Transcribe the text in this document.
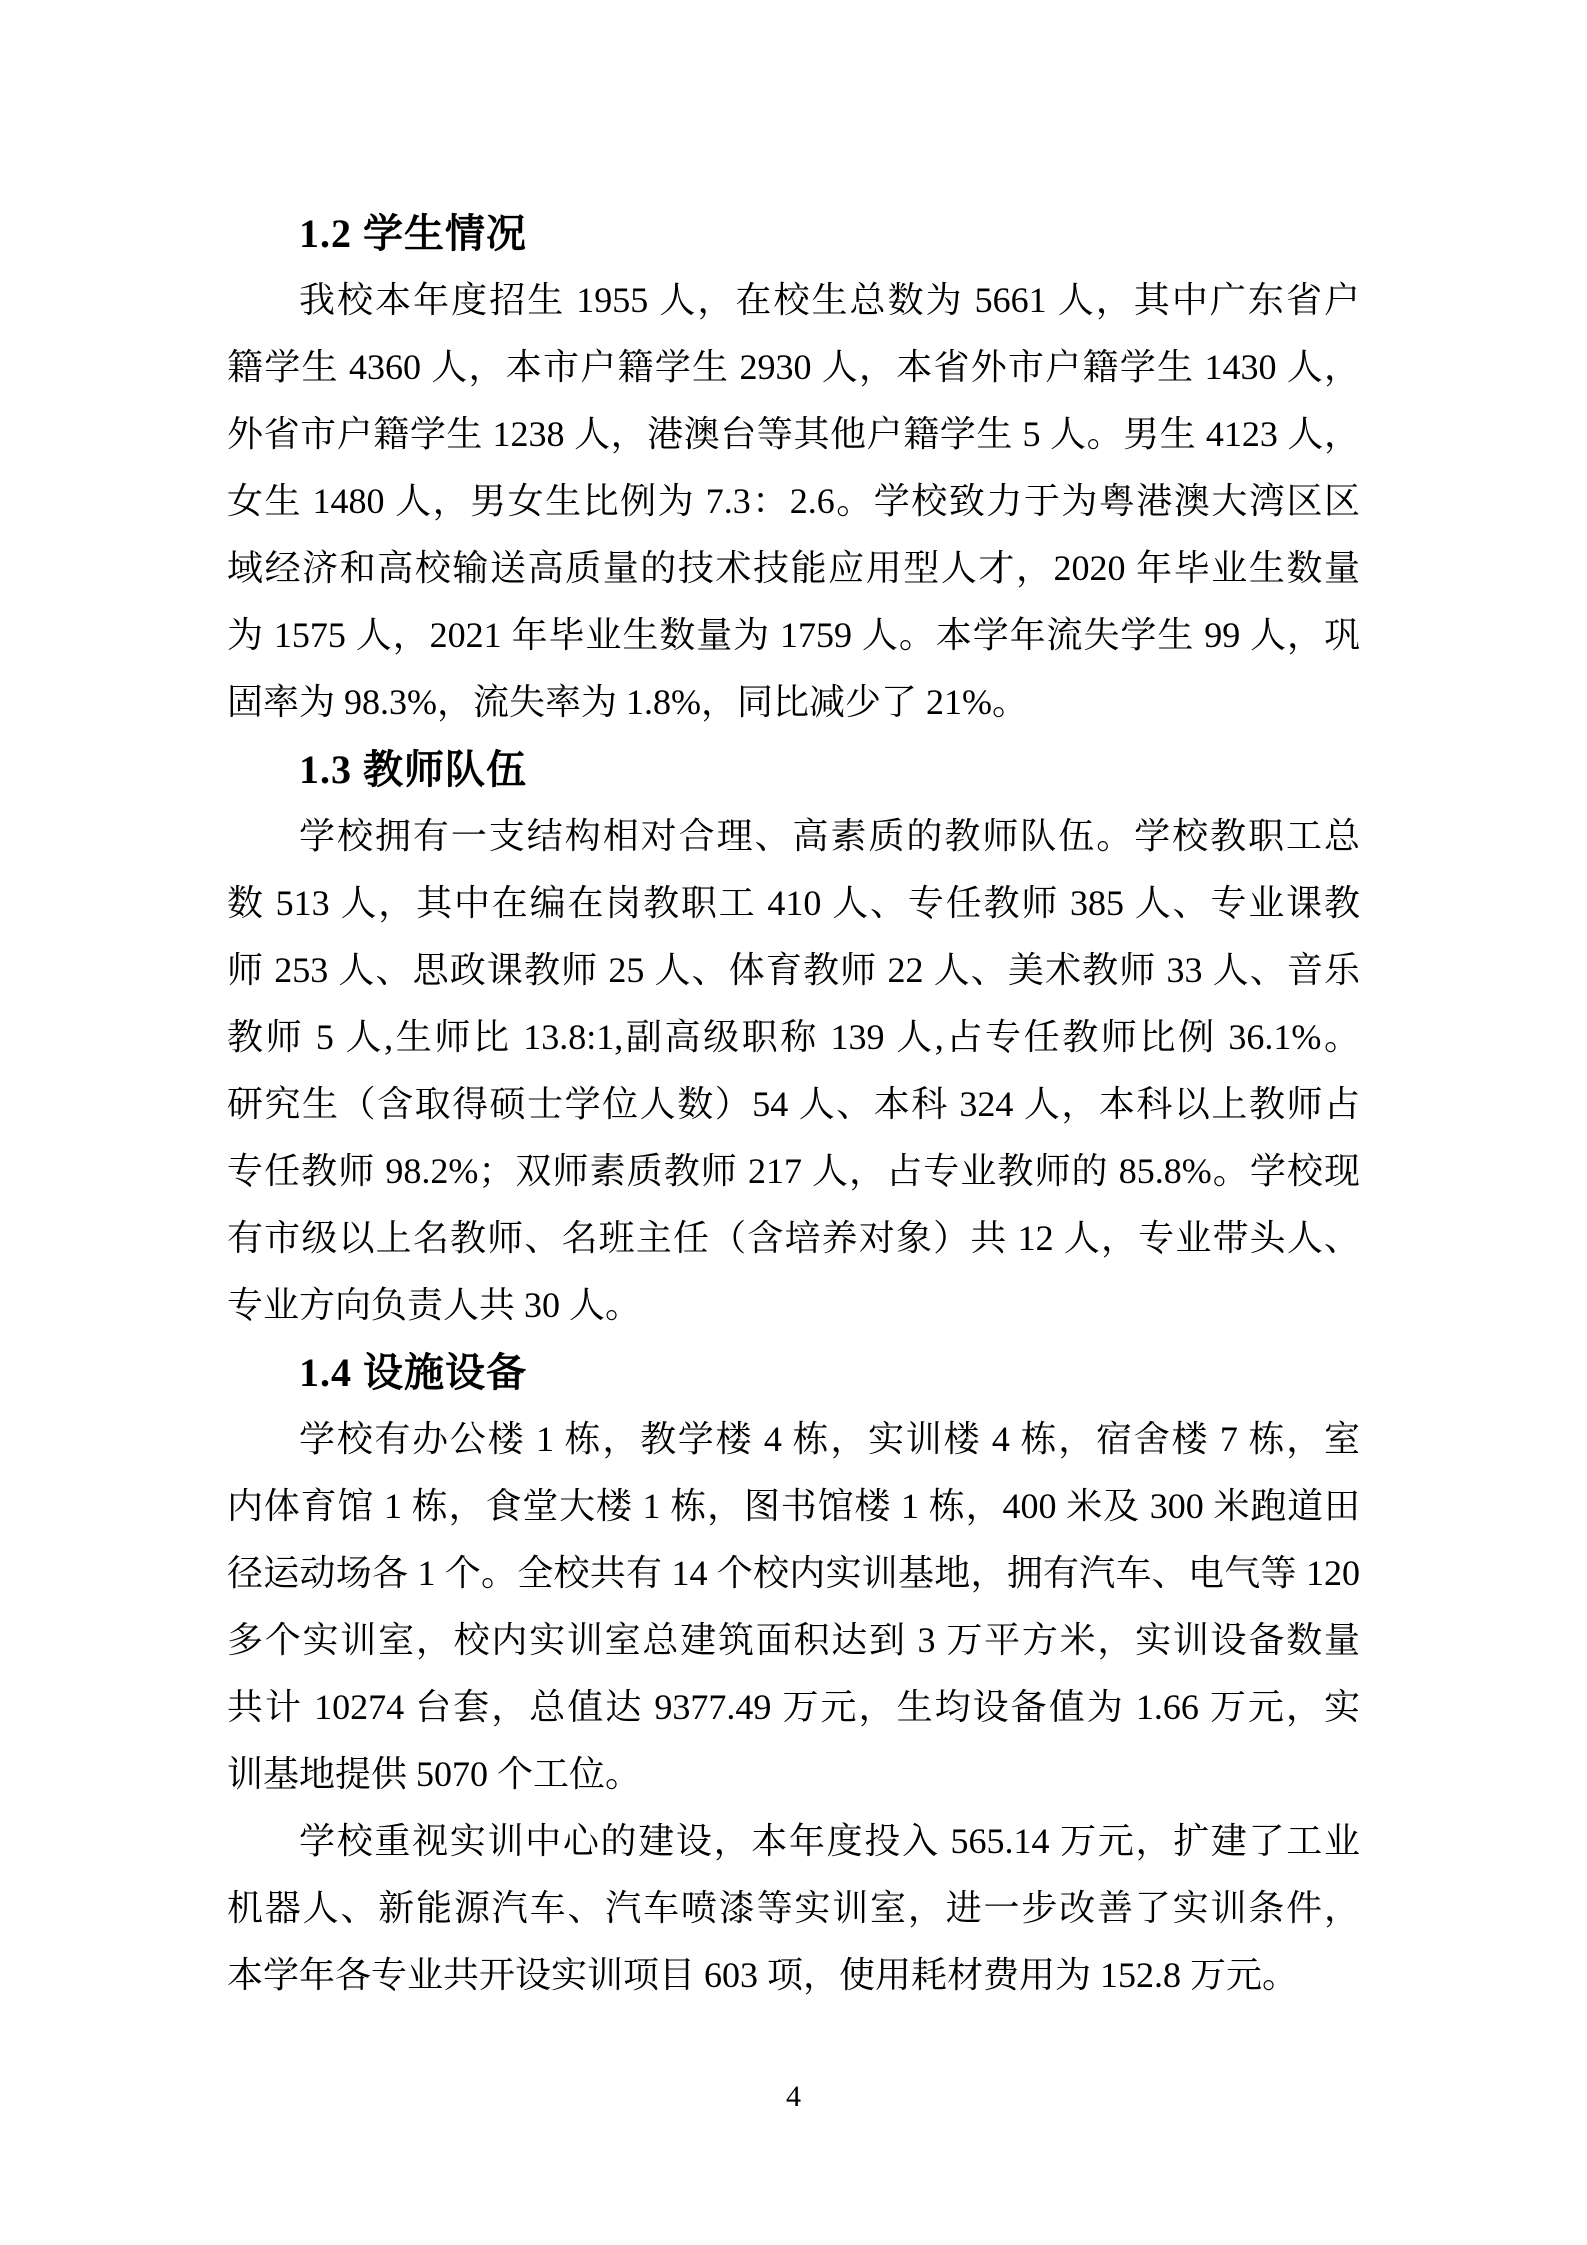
1.2 学生情况

我校本年度招生 1955 人，在校生总数为 5661 人，其中广东省户

籍学生 4360 人，本市户籍学生 2930 人，本省外市户籍学生 1430 人，

外省市户籍学生 1238 人，港澳台等其他户籍学生 5 人。男生 4123 人，

女生 1480 人，男女生比例为 7.3：2.6。学校致力于为粤港澳大湾区区

域经济和高校输送高质量的技术技能应用型人才，2020 年毕业生数量

为 1575 人，2021 年毕业生数量为 1759 人。本学年流失学生 99 人，巩

固率为 98.3%，流失率为 1.8%，同比减少了 21%。

1.3 教师队伍

学校拥有一支结构相对合理、高素质的教师队伍。学校教职工总

数 513 人，其中在编在岗教职工 410 人、专任教师 385 人、专业课教

师 253 人、思政课教师 25 人、体育教师 22 人、美术教师 33 人、音乐

教师 5 人,生师比 13.8:1,副高级职称 139 人,占专任教师比例 36.1%。

研究生（含取得硕士学位人数）54 人、本科 324 人，本科以上教师占

专任教师 98.2%；双师素质教师 217 人，占专业教师的 85.8%。学校现

有市级以上名教师、名班主任（含培养对象）共 12 人，专业带头人、

专业方向负责人共 30 人。

1.4 设施设备

学校有办公楼 1 栋，教学楼 4 栋，实训楼 4 栋，宿舍楼 7 栋，室

内体育馆 1 栋，食堂大楼 1 栋，图书馆楼 1 栋，400 米及 300 米跑道田

径运动场各 1 个。全校共有 14 个校内实训基地，拥有汽车、电气等 120

多个实训室，校内实训室总建筑面积达到 3 万平方米，实训设备数量

共计 10274 台套，总值达 9377.49 万元，生均设备值为 1.66 万元，实

训基地提供 5070 个工位。

学校重视实训中心的建设，本年度投入 565.14 万元，扩建了工业

机器人、新能源汽车、汽车喷漆等实训室，进一步改善了实训条件，

本学年各专业共开设实训项目 603 项，使用耗材费用为 152.8 万元。

4
